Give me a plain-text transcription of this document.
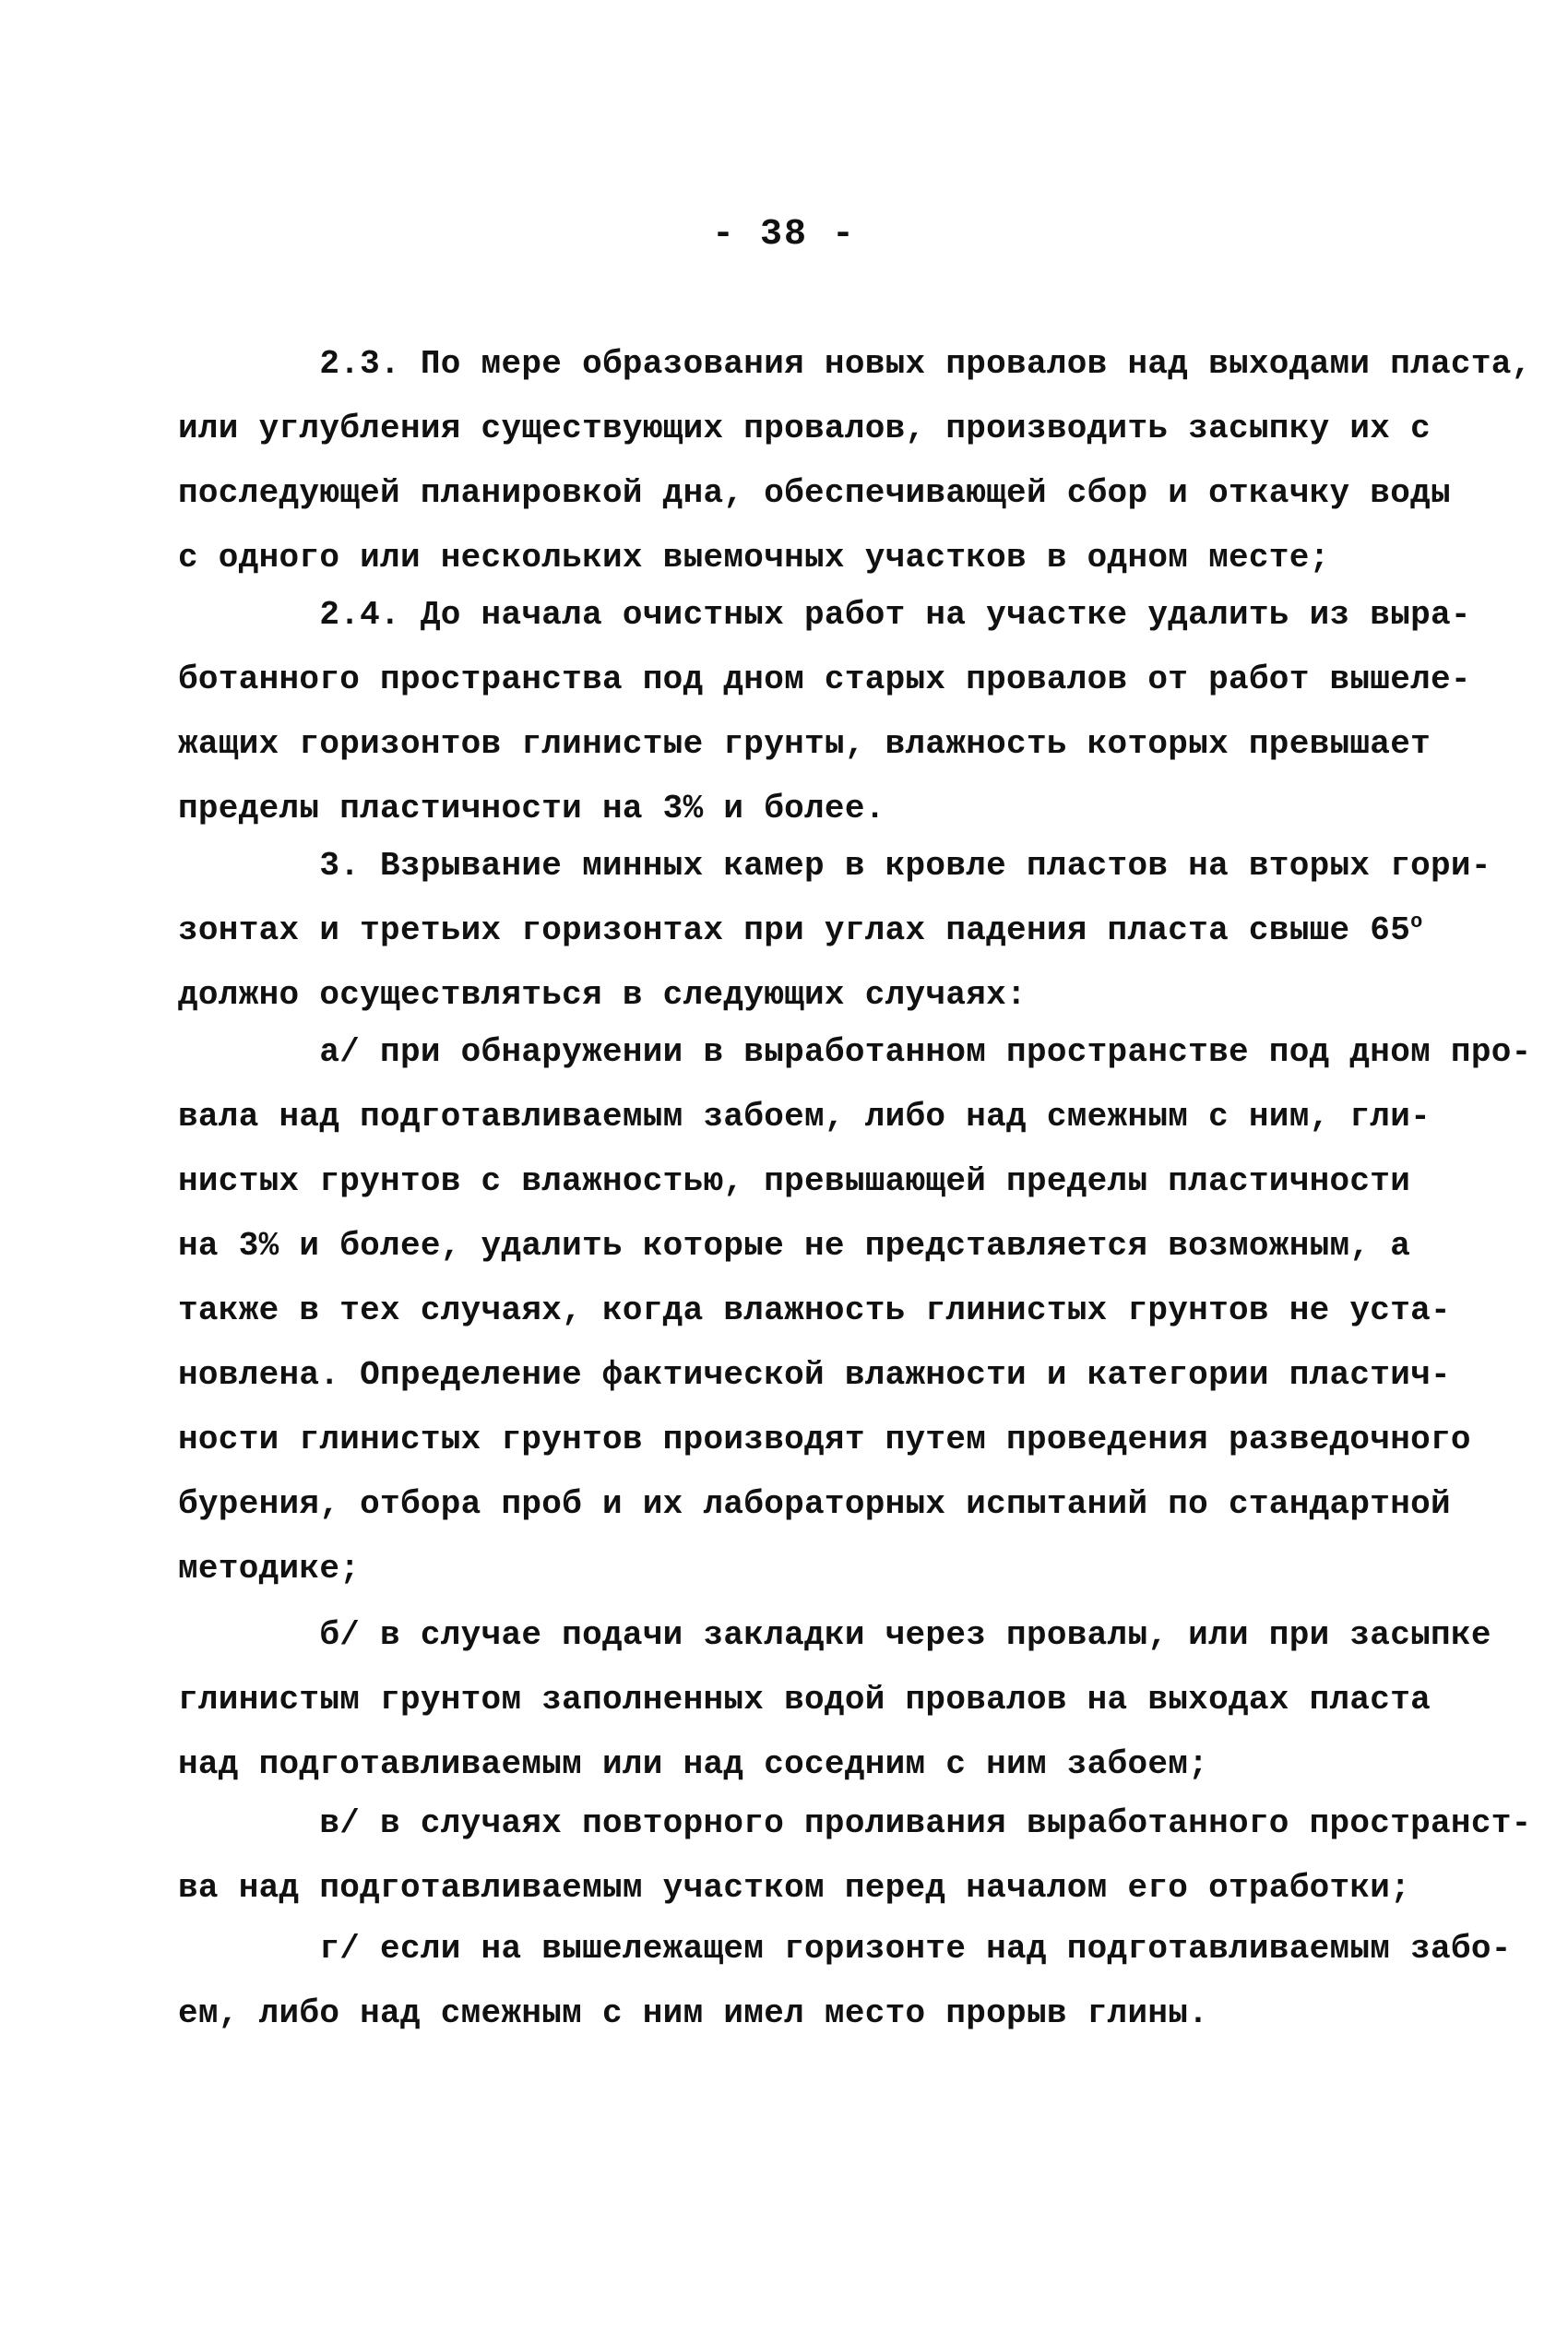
- 38 -
2.3. По мере образования новых провалов над выходами пласта,
или углубления существующих провалов, производить засыпку их с
последующей планировкой дна, обеспечивающей сбор и откачку воды
с одного или нескольких выемочных участков в одном месте;
2.4. До начала очистных работ на участке удалить из выра-
ботанного пространства под дном старых провалов от работ вышеле-
жащих горизонтов глинистые грунты, влажность которых превышает
пределы пластичности на 3% и более.
3. Взрывание минных камер в кровле пластов на вторых гори-
зонтах и третьих горизонтах при углах падения пласта свыше $65^о$
должно осуществляться в следующих случаях:
а/ при обнаружении в выработанном пространстве под дном про-
вала над подготавливаемым забоем, либо над смежным с ним, гли-
нистых грунтов с влажностью, превышающей пределы пластичности
на 3% и более, удалить которые не представляется возможным, а
также в тех случаях, когда влажность глинистых грунтов не уста-
новлена. Определение фактической влажности и категории пластич-
ности глинистых грунтов производят путем проведения разведочного
бурения, отбора проб и их лабораторных испытаний по стандартной
методике;
б/ в случае подачи закладки через провалы, или при засыпке
глинистым грунтом заполненных водой провалов на выходах пласта
над подготавливаемым или над соседним с ним забоем;
в/ в случаях повторного проливания выработанного пространст-
ва над подготавливаемым участком перед началом его отработки;
г/ если на вышележащем горизонте над подготавливаемым забо-
ем, либо над смежным с ним имел место прорыв глины.
